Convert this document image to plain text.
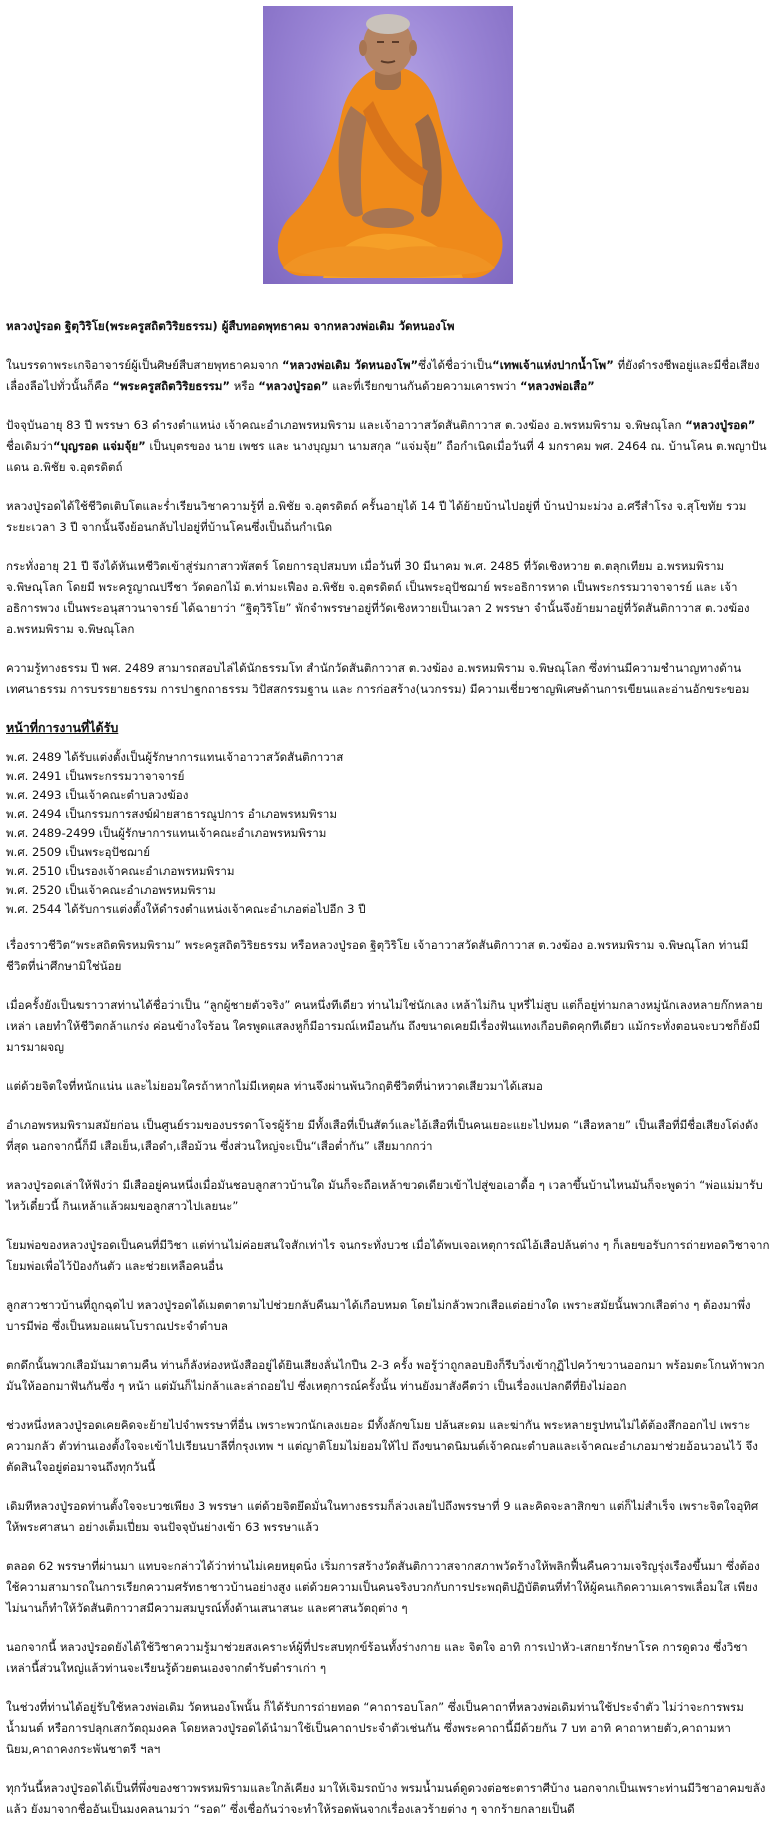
หลวงปู่รอด ฐิตุวิริโย(พระครูสถิตวิริยธรรม) ผู้สืบทอดพุทธาคม จากหลวงพ่อเดิม วัดหนองโพ

ในบรรดาพระเกจิอาจารย์ผู้เป็นศิษย์สืบสายพุทธาคมจาก “หลวงพ่อเดิม วัดหนองโพ”ซึ่งได้ชื่อว่าเป็น“เทพเจ้าแห่งปากน้ำโพ” ที่ยังดำรงชีพอยู่และมีชื่อเสียงเลื่องลือไปทั่วนั้นก็คือ “พระครูสถิตวิริยธรรม” หรือ “หลวงปู่รอด” และที่เรียกขานกันด้วยความเคารพว่า “หลวงพ่อเสือ”

ปัจจุบันอายุ 83 ปี พรรษา 63 ดำรงตำแหน่ง เจ้าคณะอำเภอพรหมพิราม และเจ้าอาวาสวัดสันติกาวาส ต.วงฆ้อง อ.พรหมพิราม จ.พิษณุโลก “หลวงปู่รอด” ชื่อเดิมว่า“บุญรอด แจ่มจุ้ย” เป็นบุตรของ นาย เพชร และ นางบุญมา นามสกุล “แจ่มจุ้ย” ถือกำเนิดเมื่อวันที่ 4 มกราคม พศ. 2464 ณ. บ้านโคน ต.พญาปันแดน อ.พิชัย จ.อุตรดิตถ์

หลวงปู่รอดได้ใช้ชีวิตเติบโตและร่ำเรียนวิชาความรู้ที่ อ.พิชัย จ.อุตรดิตถ์ ครั้นอายุได้ 14 ปี ได้ย้ายบ้านไปอยู่ที่ บ้านป่ามะม่วง อ.ศรีสำโรง จ.สุโขทัย รวมระยะเวลา 3 ปี จากนั้นจึงย้อนกลับไปอยู่ที่บ้านโคนซึ่งเป็นถิ่นกำเนิด

กระทั่งอายุ 21 ปี จึงได้หันเหชีวิตเข้าสู่ร่มกาสาวพัสตร์ โดยการอุปสมบท เมื่อวันที่ 30 มีนาคม พ.ศ. 2485 ที่วัดเชิงหวาย ต.ตลุกเทียม อ.พรหมพิราม จ.พิษณุโลก โดยมี พระครูญาณปรีชา วัดดอกไม้ ต.ท่ามะเฟือง อ.พิชัย จ.อุตรดิตถ์ เป็นพระอุปัชฌาย์ พระอธิการหาด เป็นพระกรรมวาจาจารย์ และ เจ้าอธิการพวง เป็นพระอนุสาวนาจารย์ ได้ฉายาว่า “ฐิตุวิริโย” พักจำพรรษาอยู่ที่วัดเชิงหวายเป็นเวลา 2 พรรษา จำนั้นจึงย้ายมาอยู่ที่วัดสันติกาวาส ต.วงฆ้อง อ.พรหมพิราม จ.พิษณุโลก

ความรู้ทางธรรม ปี พศ. 2489 สามารถสอบไล่ได้นักธรรมโท สำนักวัดสันติกาวาส ต.วงฆ้อง อ.พรหมพิราม จ.พิษณุโลก ซึ่งท่านมีความชำนาญทางด้านเทศนาธรรม การบรรยายธรรม การปาฐกถาธรรม วิปัสสกรรมฐาน และ การก่อสร้าง(นวกรรม) มีความเชี่ยวชาญพิเศษด้านการเขียนและอ่านอักขระขอม

หน้าที่การงานที่ได้รับ
พ.ศ. 2489 ได้รับแต่งตั้งเป็นผู้รักษาการแทนเจ้าอาวาสวัดสันติกาวาส
พ.ศ. 2491 เป็นพระกรรมวาจาจารย์
พ.ศ. 2493 เป็นเจ้าคณะตำบลวงฆ้อง
พ.ศ. 2494 เป็นกรรมการสงฆ์ฝ่ายสาธารณูปการ อำเภอพรหมพิราม
พ.ศ. 2489-2499 เป็นผู้รักษาการแทนเจ้าคณะอำเภอพรหมพิราม
พ.ศ. 2509 เป็นพระอุปัชฌาย์
พ.ศ. 2510 เป็นรองเจ้าคณะอำเภอพรหมพิราม
พ.ศ. 2520 เป็นเจ้าคณะอำเภอพรหมพิราม
พ.ศ. 2544 ได้รับการแต่งตั้งให้ดำรงตำแหน่งเจ้าคณะอำเภอต่อไปอีก 3 ปี

เรื่องราวชีวิต“พระสถิตพิรหมพิราม” พระครูสถิตวิริยธรรม หรือหลวงปู่รอด ฐิตุวิริโย เจ้าอาวาสวัดสันติกาวาส ต.วงฆ้อง อ.พรหมพิราม จ.พิษณุโลก ท่านมีชีวิตที่น่าศึกษามิใช่น้อย

เมื่อครั้งยังเป็นฆราวาสท่านได้ชื่อว่าเป็น “ลูกผู้ชายตัวจริง” คนหนึ่งทีเดียว ท่านไม่ใช่นักเลง เหล้าไม่กิน บุหรี่ไม่สูบ แต่ก็อยู่ท่ามกลางหมู่นักเลงหลายก๊กหลายเหล่า เลยทำให้ชีวิตกล้าแกร่ง ค่อนข้างใจร้อน ใครพูดแสลงหูก็มีอารมณ์เหมือนกัน ถึงขนาดเคยมีเรื่องฟันแทงเกือบติดคุกทีเดียว แม้กระทั่งตอนจะบวชก็ยังมีมารมาผจญ

แต่ด้วยจิตใจที่หนักแน่น และไม่ยอมใครถ้าหากไม่มีเหตุผล ท่านจึงผ่านพ้นวิกฤติชีวิตที่น่าหวาดเสียวมาได้เสมอ

อำเภอพรหมพิรามสมัยก่อน เป็นศูนย์รวมของบรรดาโจรผู้ร้าย มีทั้งเสือที่เป็นสัตว์และไอ้เสือที่เป็นคนเยอะแยะไปหมด “เสือหลาย” เป็นเสือที่มีชื่อเสียงโด่งดังที่สุด นอกจากนี้ก็มี เสือเย็น,เสือดำ,เสือม้วน ซึ่งส่วนใหญ่จะเป็น“เสือต่ำกัน” เสียมากกว่า

หลวงปู่รอดเล่าให้ฟังว่า มีเสืออยู่คนหนึ่งเมื่อมันชอบลูกสาวบ้านใด มันก็จะถือเหล้าขวดเดียวเข้าไปสู่ขอเอาดื้อ ๆ เวลาขึ้นบ้านไหนมันก็จะพูดว่า “พ่อแม่มารับไหว้เดี๋ยวนี้ กินเหล้าแล้วผมขอลูกสาวไปเลยนะ”

โยมพ่อของหลวงปู่รอดเป็นคนที่มีวิชา แต่ท่านไม่ค่อยสนใจสักเท่าไร จนกระทั่งบวช เมื่อได้พบเจอเหตุการณ์ไอ้เสือปล้นต่าง ๆ ก็เลยขอรับการถ่ายทอดวิชาจากโยมพ่อเพื่อไว้ป้องกันตัว และช่วยเหลือคนอื่น

ลูกสาวชาวบ้านที่ถูกฉุดไป หลวงปู่รอดได้เมตตาตามไปช่วยกลับคืนมาได้เกือบหมด โดยไม่กลัวพวกเสือแต่อย่างใด เพราะสมัยนั้นพวกเสือต่าง ๆ ต้องมาพึ่งบารมีพ่อ ซึ่งเป็นหมอแผนโบราณประจำตำบล

ตกดึกนั้นพวกเสือมันมาตามคืน ท่านก็ลังห่องหนังสืออยู่ได้ยินเสียงลั่นไกปืน 2-3 ครั้ง พอรู้ว่าถูกลอบยิงก็รีบวิ่งเข้ากุฏิไปคว้าขวานออกมา พร้อมตะโกนท้าพวกมันให้ออกมาฟันกันซึ่ง ๆ หน้า แต่มันก็ไม่กล้าและล่าถอยไป ซึ่งเหตุการณ์ครั้งนั้น ท่านยังมาสังคีตว่า เป็นเรื่องแปลกดีที่ยิงไม่ออก

ช่วงหนึ่งหลวงปู่รอดเคยคิดจะย้ายไปจำพรรษาที่อื่น เพราะพวกนักเลงเยอะ มีทั้งลักขโมย ปล้นสะดม และฆ่ากัน พระหลายรูปทนไม่ได้ต้องสึกออกไป เพราะความกลัว ตัวท่านเองตั้งใจจะเข้าไปเรียนบาลีที่กรุงเทพ ฯ แต่ญาติโยมไม่ยอมให้ไป ถึงขนาดนิมนต์เจ้าคณะตำบลและเจ้าคณะอำเภอมาช่วยอ้อนวอนไว้ จึงตัดสินใจอยู่ต่อมาจนถึงทุกวันนี้

เดิมทีหลวงปู่รอดท่านตั้งใจจะบวชเพียง 3 พรรษา แต่ด้วยจิตยึดมั่นในทางธรรมก็ล่วงเลยไปถึงพรรษาที่ 9 และคิดจะลาสิกขา แต่ก็ไม่สำเร็จ เพราะจิตใจอุทิศให้พระศาสนา อย่างเต็มเปี่ยม จนปัจจุบันย่างเข้า 63 พรรษาแล้ว

ตลอด 62 พรรษาที่ผ่านมา แทบจะกล่าวได้ว่าท่านไม่เคยหยุดนิ่ง เริ่มการสร้างวัดสันติกาวาสจากสภาพวัดร้างให้พลิกฟื้นคืนความเจริญรุ่งเรืองขึ้นมา ซึ่งต้องใช้ความสามารถในการเรียกความศรัทธาชาวบ้านอย่างสูง แต่ด้วยความเป็นคนจริงบวกกับการประพฤติปฏิบัติตนที่ทำให้ผู้คนเกิดความเคารพเลื่อมใส เพียงไม่นานก็ทำให้วัดสันติกาวาสมีความสมบูรณ์ทั้งด้านเสนาสนะ และศาสนวัตถุต่าง ๆ

นอกจากนี้ หลวงปู่รอดยังได้ใช้วิชาความรู้มาช่วยสงเคราะห์ผู้ที่ประสบทุกข์ร้อนทั้งร่างกาย และ จิตใจ อาทิ การเป่าหัว-เสกยารักษาโรค การดูดวง ซึ่งวิชาเหล่านี้ส่วนใหญ่แล้วท่านจะเรียนรู้ด้วยตนเองจากตำรับตำราเก่า ๆ

ในช่วงที่ท่านได้อยู่รับใช้หลวงพ่อเดิม วัดหนองโพนั้น ก็ได้รับการถ่ายทอด “คาถารอบโลก” ซึ่งเป็นคาถาที่หลวงพ่อเดิมท่านใช้ประจำตัว ไม่ว่าจะการพรมน้ำมนต์ หรือการปลุกเสกวัตถุมงคล โดยหลวงปู่รอดได้นำมาใช้เป็นคาถาประจำตัวเช่นกัน ซึ่งพระคาถานี้มีด้วยกัน 7 บท อาทิ คาถาหายตัว,คาถามหานิยม,คาถาคงกระพันชาตรี ฯลฯ

ทุกวันนี้หลวงปู่รอดได้เป็นที่พึ่งของชาวพรหมพิรามและใกล้เคียง มาให้เจิมรถบ้าง พรมน้ำมนต์ดูดวงต่อชะตาราศีบ้าง นอกจากเป็นเพราะท่านมีวิชาอาคมขลังแล้ว ยังมาจากชื่ออันเป็นมงคลนามว่า “รอด” ซึ่งเชื่อกันว่าจะทำให้รอดพ้นจากเรื่องเลวร้ายต่าง ๆ จากร้ายกลายเป็นดี
